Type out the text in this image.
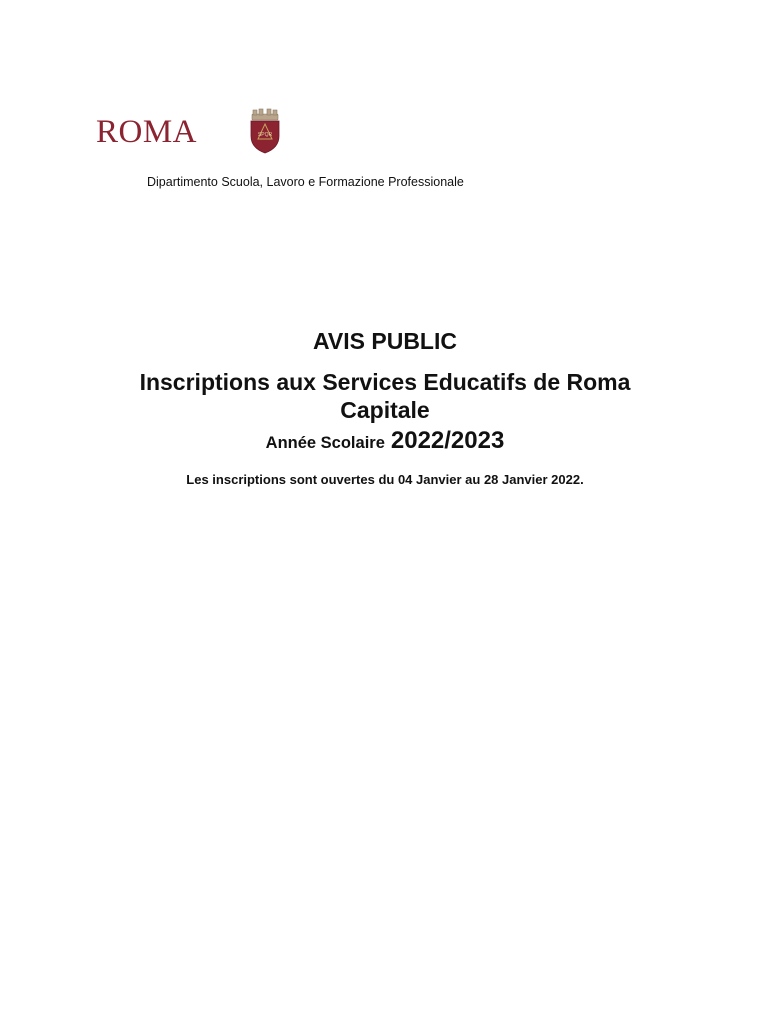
ROMA	SPQR
Dipartimento Scuola, Lavoro e Formazione Professionale
AVIS PUBLIC
Inscriptions aux Services Educatifs de Roma
Capitale
Année Scolaire 2022/2023
Les inscriptions sont ouvertes du 04 Janvier au 28 Janvier 2022.
